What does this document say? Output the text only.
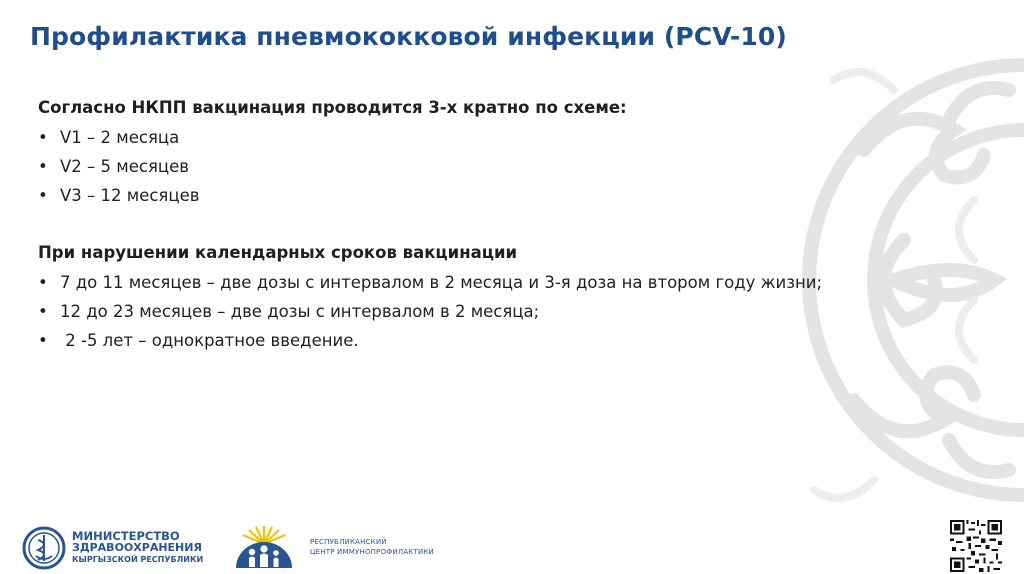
Профилактика пневмококковой инфекции (PCV-10)
Согласно НКПП вакцинация проводится 3-х кратно по схеме:
• V1 – 2 месяца
• V2 – 5 месяцев
• V3 – 12 месяцев
При нарушении календарных сроков вакцинации
• 7 до 11 месяцев – две дозы с интервалом в 2 месяца и 3-я доза на втором году жизни;
• 12 до 23 месяцев – две дозы с интервалом в 2 месяца;
• 2 -5 лет – однократное введение.
МИНИСТЕРСТВО
ЗДРАВООХРАНЕНИЯ
КЫРГЫЗСКОЙ РЕСПУБЛИКИ
РЕСПУБЛИКАНСКИЙ
ЦЕНТР ИММУНОПРОФИЛАКТИКИ
